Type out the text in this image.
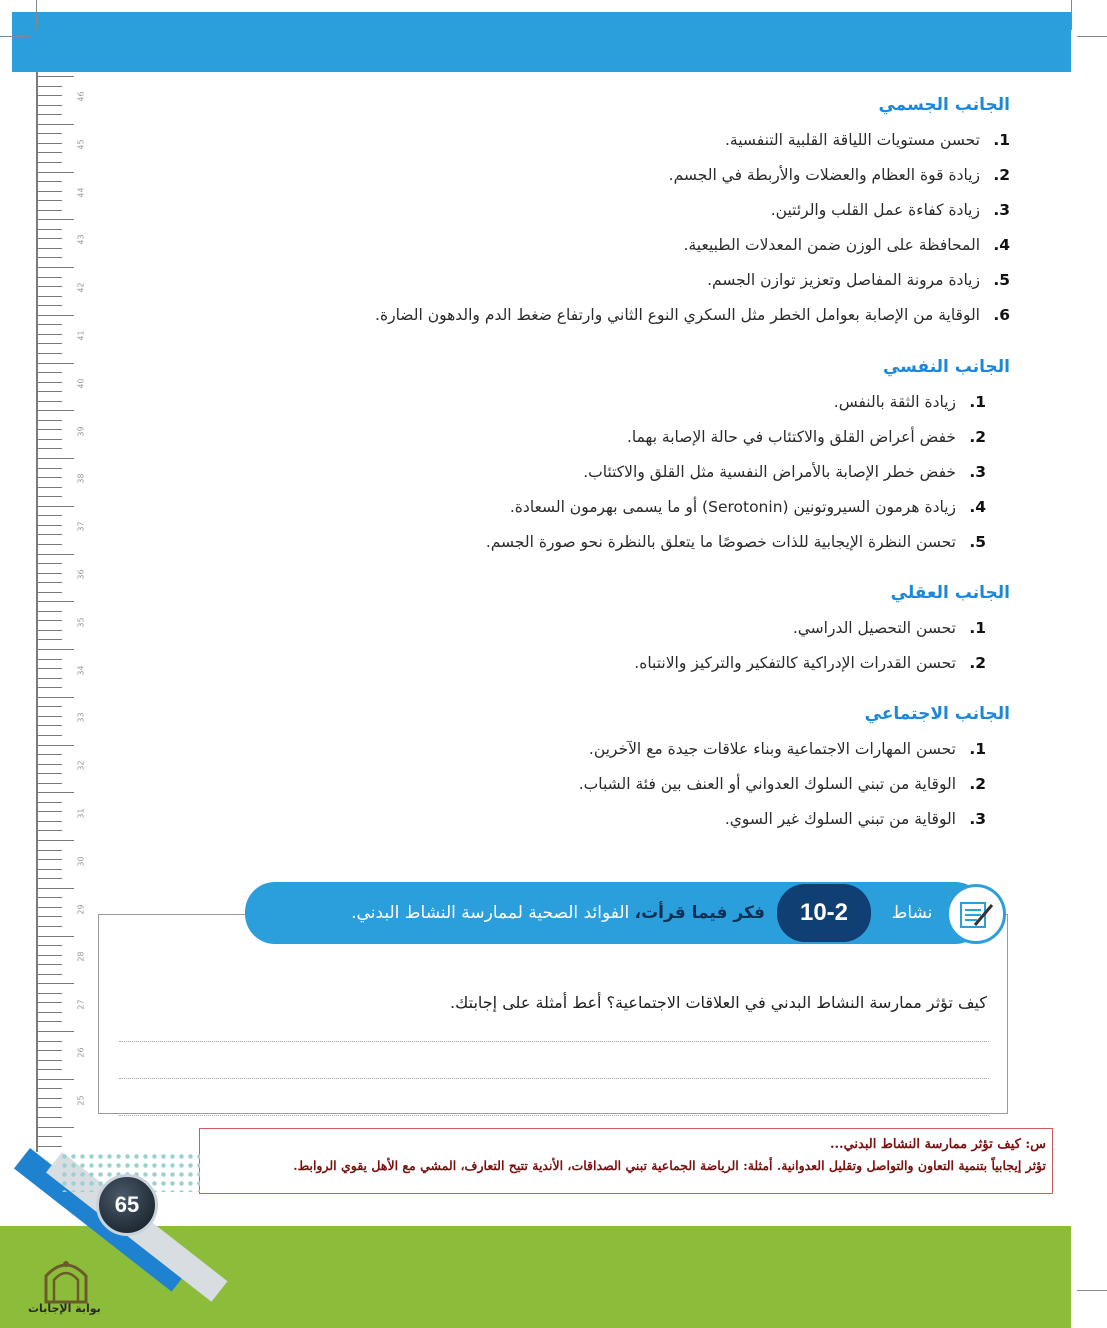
46
45
44
43
42
41
40
39
38
37
36
35
34
33
32
31
30
29
28
27
26
25
الجانب الجسمي
1.تحسن مستويات اللياقة القلبية التنفسية.
2.زيادة قوة العظام والعضلات والأربطة في الجسم.
3.زيادة كفاءة عمل القلب والرئتين.
4.المحافظة على الوزن ضمن المعدلات الطبيعية.
5.زيادة مرونة المفاصل وتعزيز توازن الجسم.
6.الوقاية من الإصابة بعوامل الخطر مثل السكري النوع الثاني وارتفاع ضغط الدم والدهون الضارة.
الجانب النفسي
1.زيادة الثقة بالنفس.
2.خفض أعراض القلق والاكتئاب في حالة الإصابة بهما.
3.خفض خطر الإصابة بالأمراض النفسية مثل القلق والاكتئاب.
4.زيادة هرمون السيروتونين (Serotonin) أو ما يسمى بهرمون السعادة.
5.تحسن النظرة الإيجابية للذات خصوصًا ما يتعلق بالنظرة نحو صورة الجسم.
الجانب العقلي
1.تحسن التحصيل الدراسي.
2.تحسن القدرات الإدراكية كالتفكير والتركيز والانتباه.
الجانب الاجتماعي
1.تحسن المهارات الاجتماعية وبناء علاقات جيدة مع الآخرين.
2.الوقاية من تبني السلوك العدواني أو العنف بين فئة الشباب.
3.الوقاية من تبني السلوك غير السوي.
كيف تؤثر ممارسة النشاط البدني في العلاقات الاجتماعية؟ أعط أمثلة على إجابتك.
فكر فيما قرأت، الفوائد الصحية لممارسة النشاط البدني.	10-2	نشاط
س: كيف تؤثر ممارسة النشاط البدني...
تؤثر إيجابياً بتنمية التعاون والتواصل وتقليل العدوانية. أمثلة: الرياضة الجماعية تبني الصداقات، الأندية تتيح التعارف، المشي مع الأهل يقوي الروابط.
65
بوابة الإجابات
